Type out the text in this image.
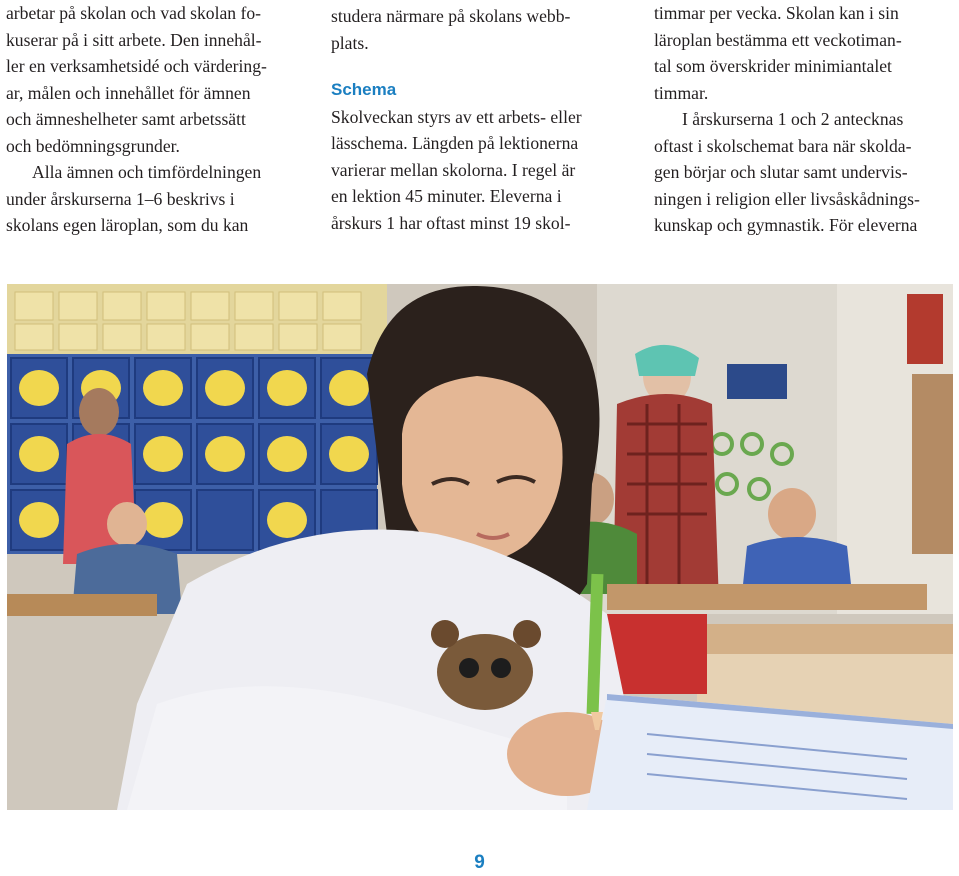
arbetar på skolan och vad skolan fo-
kuserar på i sitt arbete. Den innehål-
ler en verksamhetsidé och värdering-
ar, målen och innehållet för ämnen
och ämneshelheter samt arbetssätt
och bedömningsgrunder.

Alla ämnen och timfördelningen
under årskurserna 1–6 beskrivs i
skolans egen läroplan, som du kan

studera närmare på skolans webb-
plats.

Schema

Skolveckan styrs av ett arbets- eller
lässchema. Längden på lektionerna
varierar mellan skolorna. I regel är
en lektion 45 minuter. Eleverna i
årskurs 1 har oftast minst 19 skol-

timmar per vecka. Skolan kan i sin
läroplan bestämma ett veckotiman-
tal som överskrider minimiantalet
timmar.

I årskurserna 1 och 2 antecknas
oftast i skolschemat bara när skolda-
gen börjar och slutar samt undervis-
ningen i religion eller livsåskådnings-
kunskap och gymnastik. För eleverna

9
